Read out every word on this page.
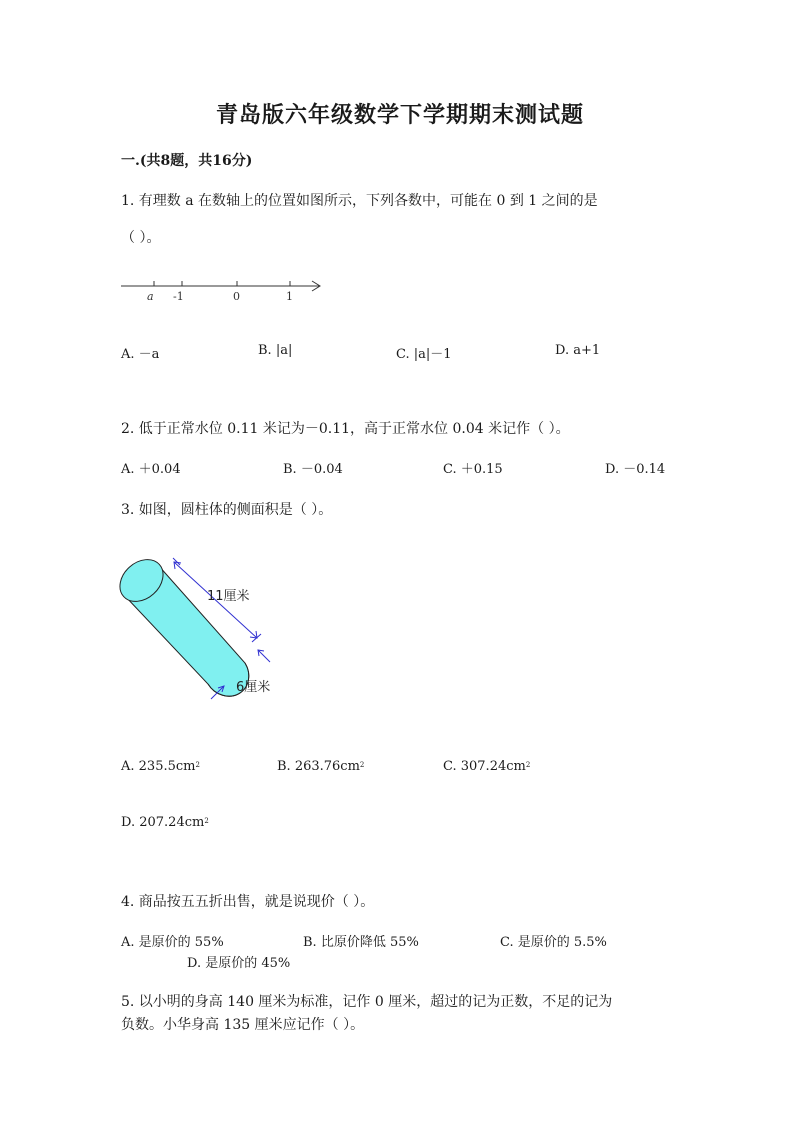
青岛版六年级数学下学期期末测试题
一.(共8题，共16分)
1. 有理数 a 在数轴上的位置如图所示，下列各数中，可能在 0 到 1 之间的是
（ ）。
a -1	0	1
A. －a	B. |a|	C. |a|－1	D. a+1
2. 低于正常水位 0.11 米记为－0.11，高于正常水位 0.04 米记作（ ）。
A. ＋0.04	B. －0.04	C. ＋0.15	D. －0.14
3. 如图，圆柱体的侧面积是（ ）。
11厘米
6厘米
A. $235.5cm^2$	B. $263.76cm^2$	C. $307.24cm^2$
D. $207.24cm^2$
4. 商品按五五折出售，就是说现价（ ）。
A. 是原价的 55%	B. 比原价降低 55%	C. 是原价的 5.5%
D. 是原价的 45%
5. 以小明的身高 140 厘米为标准，记作 0 厘米，超过的记为正数，不足的记为
负数。小华身高 135 厘米应记作（ ）。
